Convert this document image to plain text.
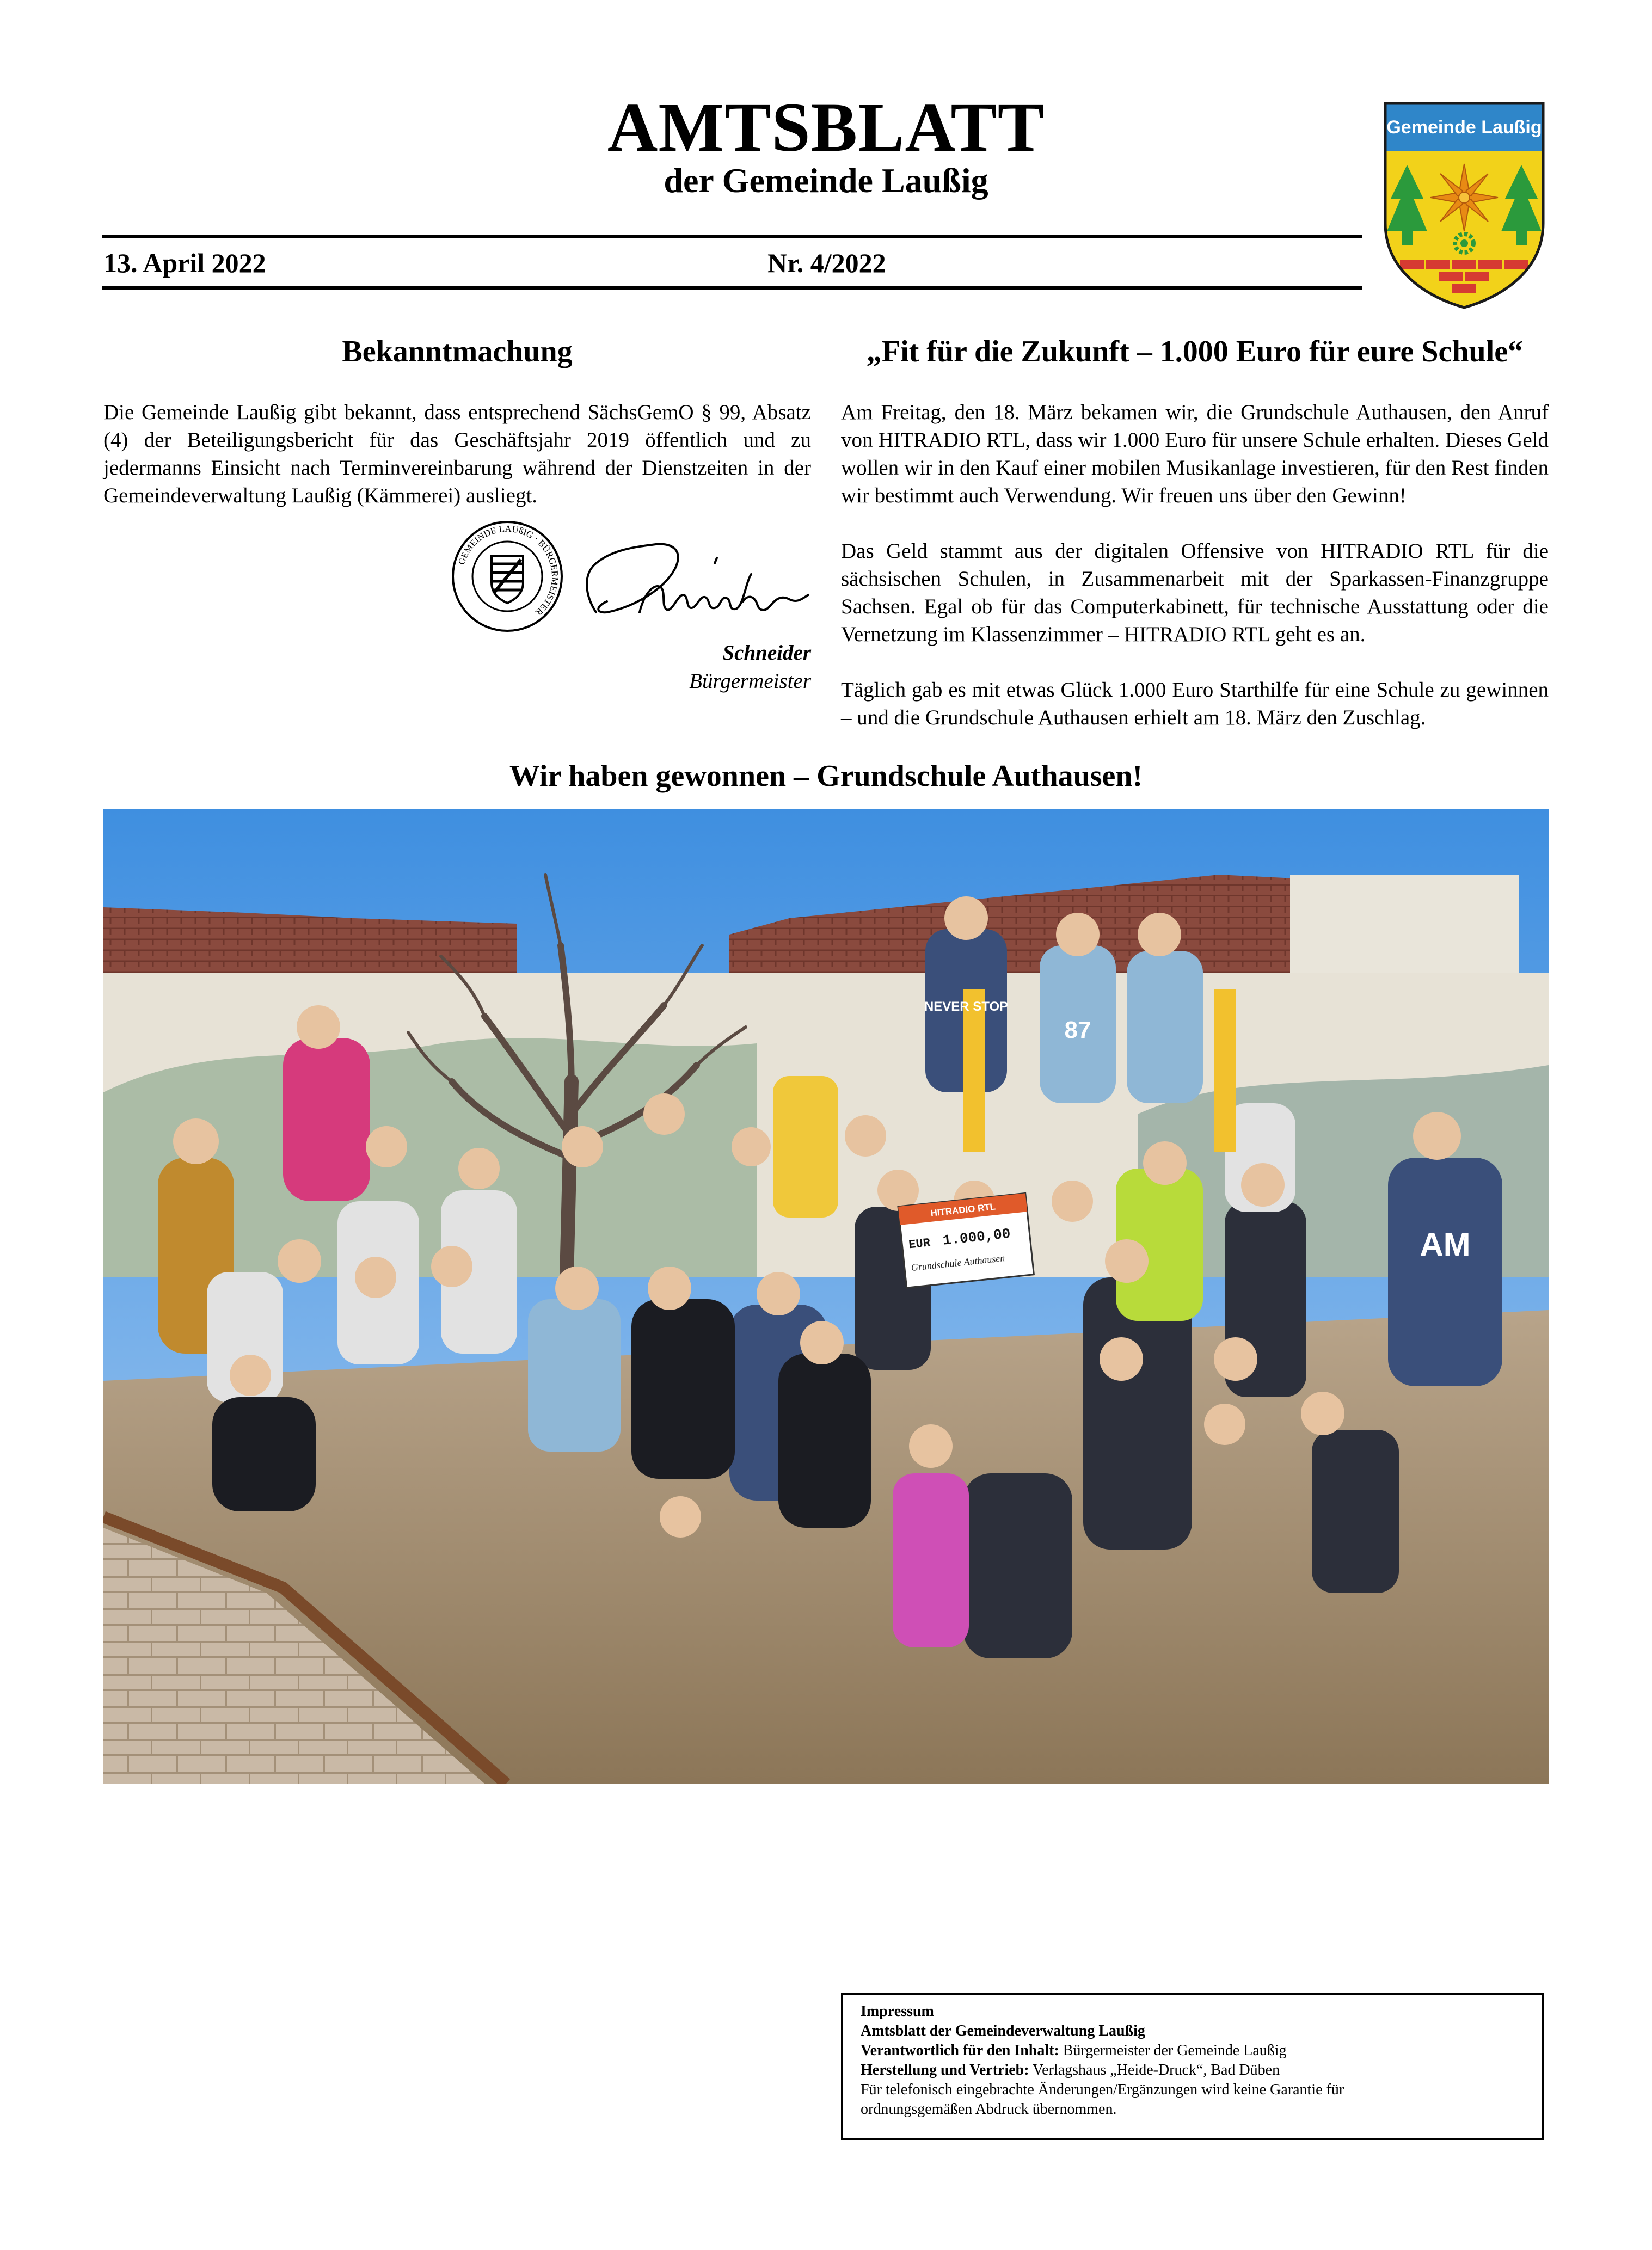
AMTSBLATT
der Gemeinde Laußig
13. April 2022	Nr. 4/2022
Gemeinde Laußig
Bekanntmachung
Die Gemeinde Laußig gibt bekannt, dass entsprechend SächsGemO § 99, Absatz (4) der Beteiligungsbericht für das Geschäftsjahr 2019 öffentlich und zu jedermanns Einsicht nach Terminvereinbarung während der Dienstzeiten in der Gemeindeverwaltung Laußig (Kämmerei) ausliegt.
GEMEINDE LAUßIG · BÜRGERMEISTER
Schneider
Bürgermeister
„Fit für die Zukunft – 1.000 Euro für eure Schule“

Am Freitag, den 18. März bekamen wir, die Grundschule Authausen, den Anruf von HITRADIO RTL, dass wir 1.000 Euro für unsere Schule erhalten. Dieses Geld wollen wir in den Kauf einer mobilen Musikanlage investieren, für den Rest finden wir bestimmt auch Verwendung. Wir freuen uns über den Gewinn!

Das Geld stammt aus der digitalen Offensive von HITRADIO RTL für die sächsischen Schulen, in Zusammenarbeit mit der Sparkassen-Finanzgruppe Sachsen. Egal ob für das Computerkabinett, für technische Ausstattung oder die Vernetzung im Klassenzimmer – HITRADIO RTL geht es an.

Täglich gab es mit etwas Glück 1.000 Euro Starthilfe für eine Schule zu gewinnen – und die Grundschule Authausen erhielt am 18. März den Zuschlag.

Wir haben gewonnen – Grundschule Authausen!
HITRADIO RTL
EUR 1.000,00
Grundschule Authausen
NEVER STOP
87
AM
Impressum
Amtsblatt der Gemeindeverwaltung Laußig
Verantwortlich für den Inhalt: Bürgermeister der Gemeinde Laußig
Herstellung und Vertrieb: Verlagshaus „Heide-Druck“, Bad Düben
Für telefonisch eingebrachte Änderungen/Ergänzungen wird keine Garantie für
ordnungsgemäßen Abdruck übernommen.
